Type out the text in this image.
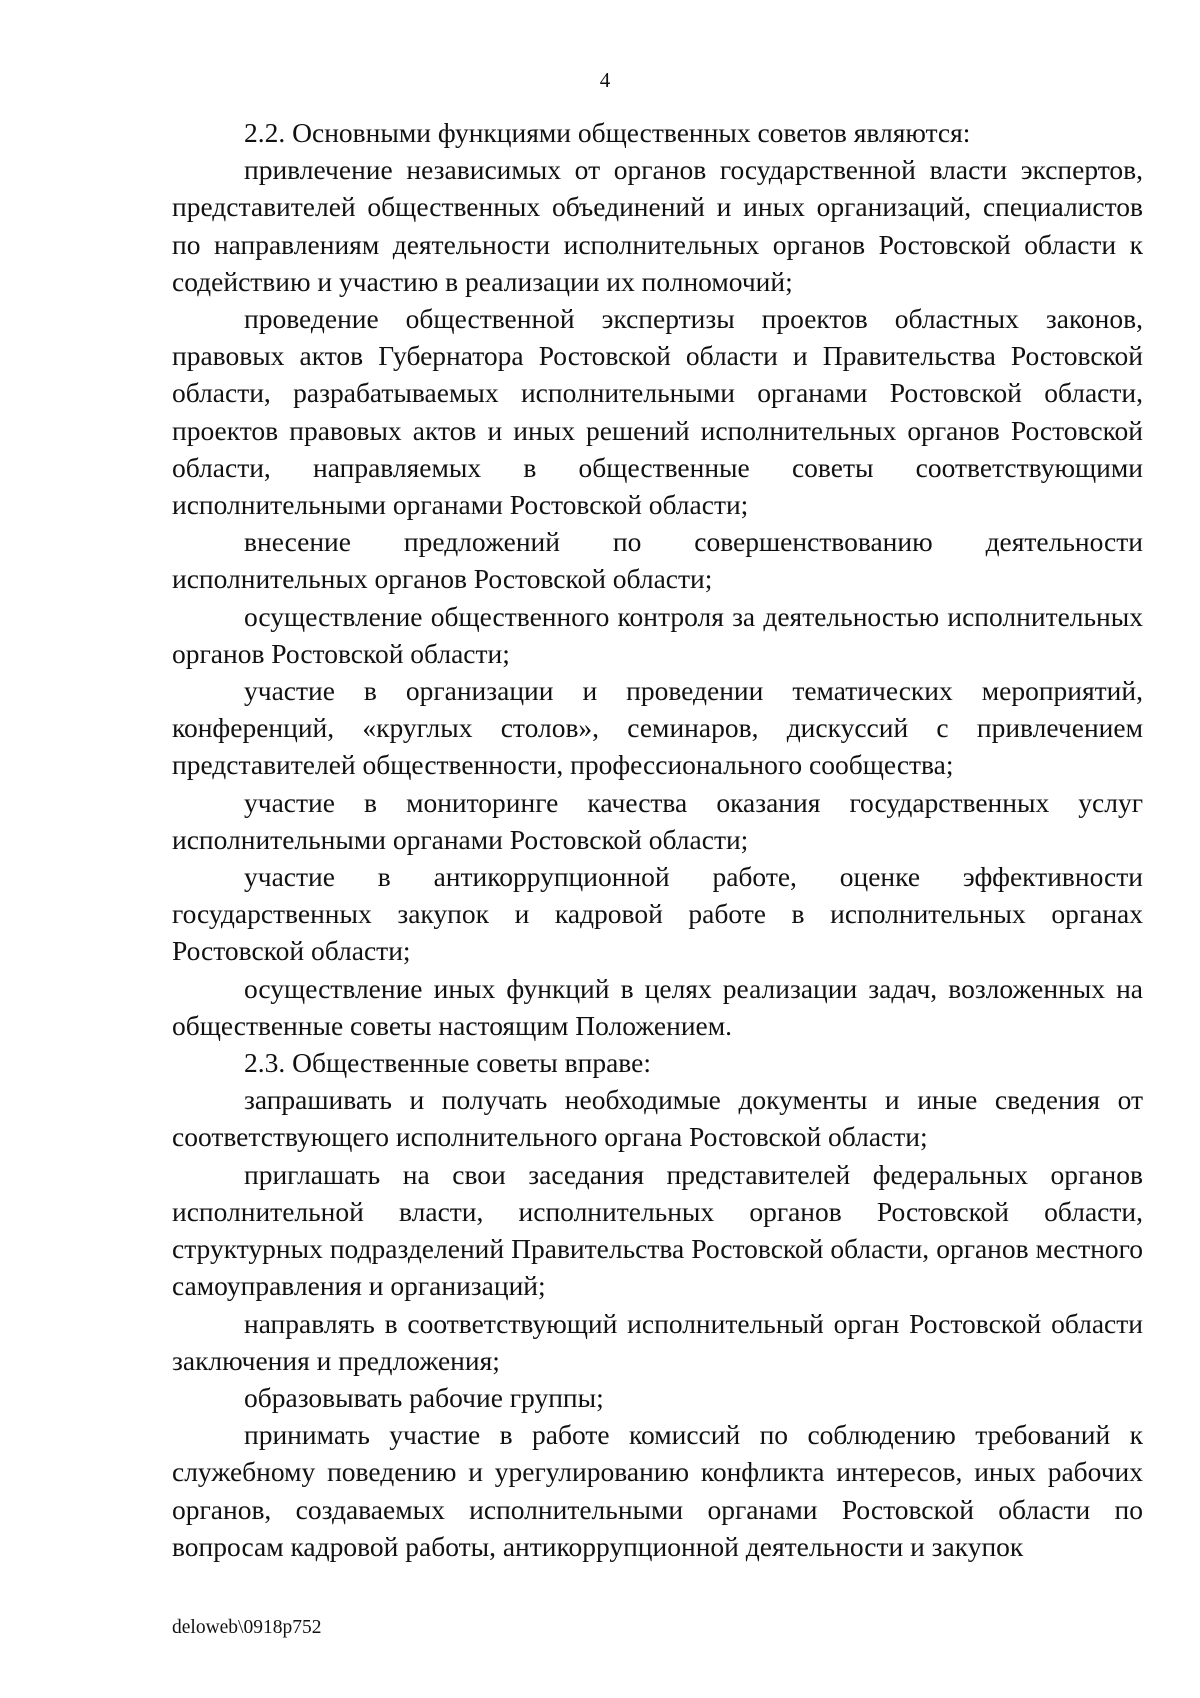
4

2.2. Основными функциями общественных советов являются:

привлечение независимых от органов государственной власти экспертов, представителей общественных объединений и иных организаций, специалистов по направлениям деятельности исполнительных органов Ростовской области к содействию и участию в реализации их полномочий;

проведение общественной экспертизы проектов областных законов, правовых актов Губернатора Ростовской области и Правительства Ростовской области, разрабатываемых исполнительными органами Ростовской области, проектов правовых актов и иных решений исполнительных органов Ростовской области, направляемых в общественные советы соответствующими исполнительными органами Ростовской области;

внесение предложений по совершенствованию деятельности исполнительных органов Ростовской области;

осуществление общественного контроля за деятельностью исполнительных органов Ростовской области;

участие в организации и проведении тематических мероприятий, конференций, «круглых столов», семинаров, дискуссий с привлечением представителей общественности, профессионального сообщества;

участие в мониторинге качества оказания государственных услуг исполнительными органами Ростовской области;

участие в антикоррупционной работе, оценке эффективности государственных закупок и кадровой работе в исполнительных органах Ростовской области;

осуществление иных функций в целях реализации задач, возложенных на общественные советы настоящим Положением.

2.3. Общественные советы вправе:

запрашивать и получать необходимые документы и иные сведения от соответствующего исполнительного органа Ростовской области;

приглашать на свои заседания представителей федеральных органов исполнительной власти, исполнительных органов Ростовской области, структурных подразделений Правительства Ростовской области, органов местного самоуправления и организаций;

направлять в соответствующий исполнительный орган Ростовской области заключения и предложения;

образовывать рабочие группы;

принимать участие в работе комиссий по соблюдению требований к служебному поведению и урегулированию конфликта интересов, иных рабочих органов, создаваемых исполнительными органами Ростовской области по вопросам кадровой работы, антикоррупционной деятельности и закупок

deloweb\0918p752
